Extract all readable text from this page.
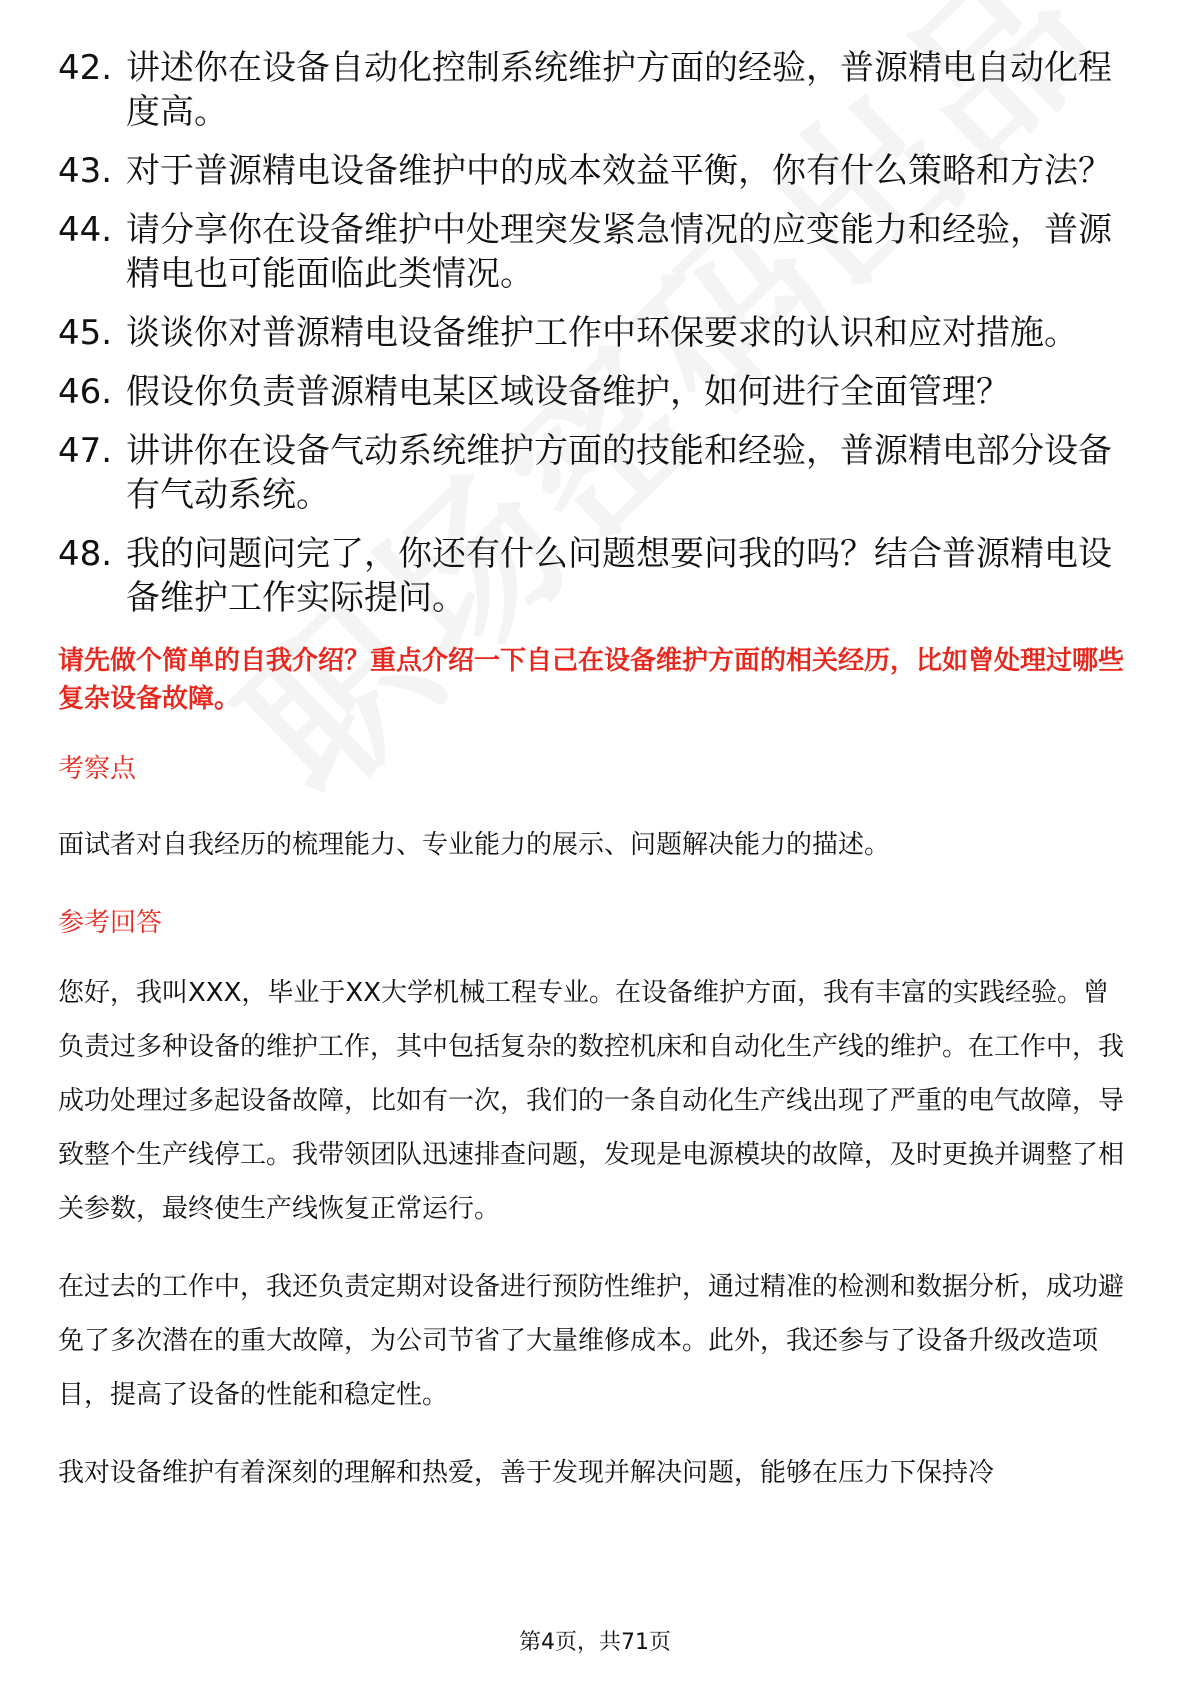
42. 讲述你在设备自动化控制系统维护方面的经验，普源精电自动化程度高。
43. 对于普源精电设备维护中的成本效益平衡，你有什么策略和方法？
44. 请分享你在设备维护中处理突发紧急情况的应变能力和经验，普源精电也可能面临此类情况。
45. 谈谈你对普源精电设备维护工作中环保要求的认识和应对措施。
46. 假设你负责普源精电某区域设备维护，如何进行全面管理？
47. 讲讲你在设备气动系统维护方面的技能和经验，普源精电部分设备有气动系统。
48. 我的问题问完了，你还有什么问题想要问我的吗？结合普源精电设备维护工作实际提问。
请先做个简单的自我介绍？重点介绍一下自己在设备维护方面的相关经历，比如曾处理过哪些复杂设备故障。
考察点
面试者对自我经历的梳理能力、专业能力的展示、问题解决能力的描述。
参考回答
您好，我叫XXX，毕业于XX大学机械工程专业。在设备维护方面，我有丰富的实践经验。曾负责过多种设备的维护工作，其中包括复杂的数控机床和自动化生产线的维护。在工作中，我成功处理过多起设备故障，比如有一次，我们的一条自动化生产线出现了严重的电气故障，导致整个生产线停工。我带领团队迅速排查问题，发现是电源模块的故障，及时更换并调整了相关参数，最终使生产线恢复正常运行。
在过去的工作中，我还负责定期对设备进行预防性维护，通过精准的检测和数据分析，成功避免了多次潜在的重大故障，为公司节省了大量维修成本。此外，我还参与了设备升级改造项目，提高了设备的性能和稳定性。
我对设备维护有着深刻的理解和热爱，善于发现并解决问题，能够在压力下保持冷
第4页，共71页
